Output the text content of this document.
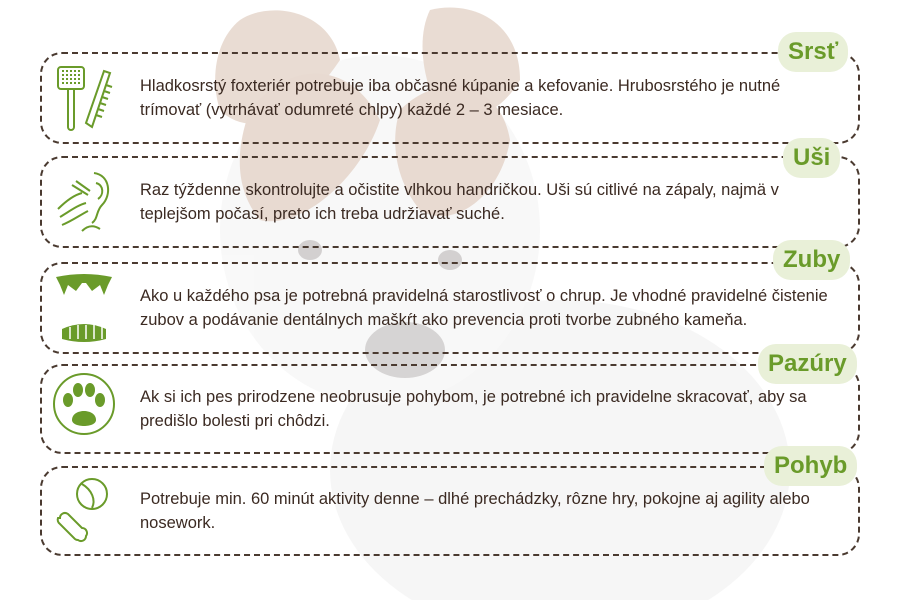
Hladkosrstý foxteriér potrebuje iba občasné kúpanie a kefovanie. Hrubosrstého je nutné trímovať (vytrhávať odumreté chlpy) každé 2 – 3 mesiace.
Srsť
Raz týždenne skontrolujte a očistite vlhkou handričkou. Uši sú citlivé na zápaly, najmä v teplejšom počasí, preto ich treba udržiavať suché.
Uši
Ako u každého psa je potrebná pravidelná starostlivosť o chrup. Je vhodné pravidelné čistenie zubov a podávanie dentálnych maškŕt ako prevencia proti tvorbe zubného kameňa.
Zuby
Ak si ich pes prirodzene neobrusuje pohybom, je potrebné ich pravidelne skracovať, aby sa predišlo bolesti pri chôdzi.
Pazúry
Potrebuje min. 60 minút aktivity denne – dlhé prechádzky, rôzne hry, pokojne aj agility alebo nosework.
Pohyb
